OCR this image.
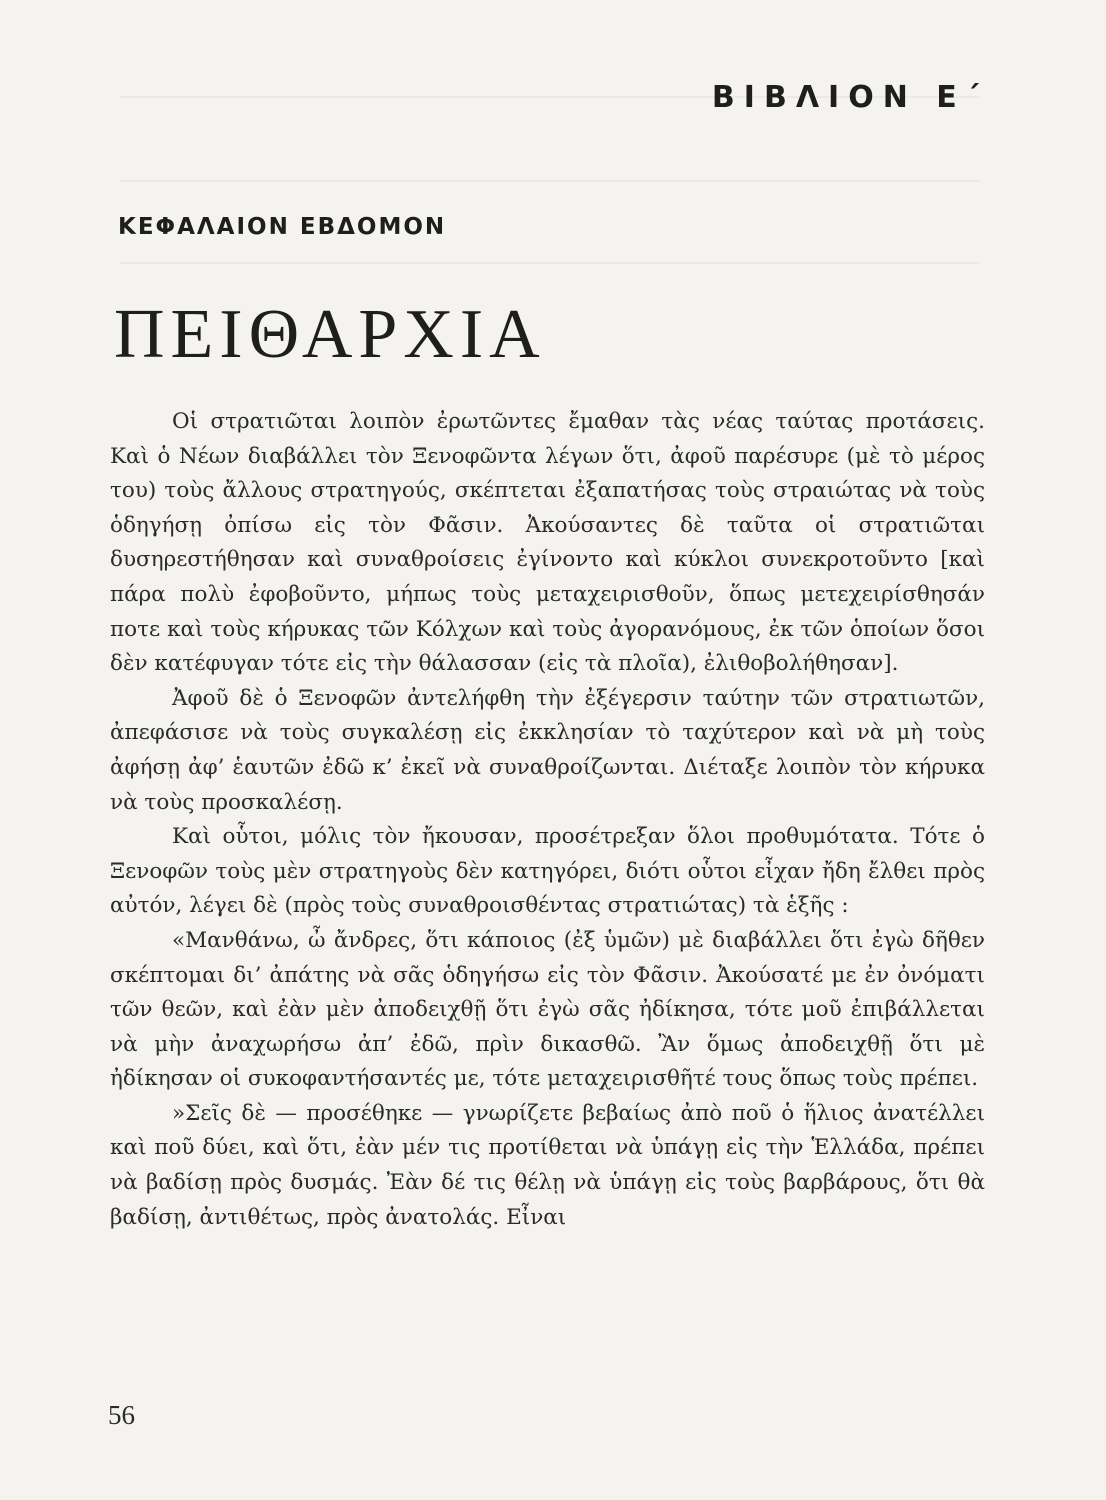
ΒΙΒΛΙΟΝ Ε΄
ΚΕΦΑΛΑΙΟΝ ΕΒΔΟΜΟΝ
ΠΕΙΘΑΡΧΙΑ

Οἱ στρατιῶται λοιπὸν ἐρωτῶντες ἔμαθαν τὰς νέας ταύτας προτάσεις. Καὶ ὁ Νέων διαβάλλει τὸν Ξενοφῶντα λέγων ὅτι, ἀφοῦ παρέσυρε (μὲ τὸ μέρος του) τοὺς ἄλλους στρατηγούς, σκέπτεται ἐξαπατήσας τοὺς στραιώτας νὰ τοὺς ὁδηγήσῃ ὀπίσω εἰς τὸν Φᾶσιν. Ἀκούσαντες δὲ ταῦτα οἱ στρατιῶται δυσηρεστήθησαν καὶ συναθροίσεις ἐγίνοντο καὶ κύκλοι συνεκροτοῦντο [καὶ πάρα πολὺ ἐφοβοῦντο, μήπως τοὺς μεταχειρισθοῦν, ὅπως μετεχειρίσθησάν ποτε καὶ τοὺς κήρυκας τῶν Κόλχων καὶ τοὺς ἀγορανόμους, ἐκ τῶν ὁποίων ὅσοι δὲν κατέφυγαν τότε εἰς τὴν θάλασσαν (εἰς τὰ πλοῖα), ἐλιθοβολήθησαν].

Ἀφοῦ δὲ ὁ Ξενοφῶν ἀντελήφθη τὴν ἐξέγερσιν ταύτην τῶν στρατιωτῶν, ἀπεφάσισε νὰ τοὺς συγκαλέσῃ εἰς ἐκκλησίαν τὸ ταχύτερον καὶ νὰ μὴ τοὺς ἀφήσῃ ἀφ’ ἑαυτῶν ἐδῶ κ’ ἐκεῖ νὰ συναθροίζωνται. Διέταξε λοιπὸν τὸν κήρυκα νὰ τοὺς προσκαλέσῃ.

Καὶ οὗτοι, μόλις τὸν ἤκουσαν, προσέτρεξαν ὅλοι προθυμότατα. Τότε ὁ Ξενοφῶν τοὺς μὲν στρατηγοὺς δὲν κατηγόρει, διότι οὗτοι εἶχαν ἤδη ἔλθει πρὸς αὐτόν, λέγει δὲ (πρὸς τοὺς συναθροισθέντας στρατιώτας) τὰ ἑξῆς :

«Μανθάνω, ὦ ἄνδρες, ὅτι κάποιος (ἐξ ὑμῶν) μὲ διαβάλλει ὅτι ἐγὼ δῆθεν σκέπτομαι δι’ ἀπάτης νὰ σᾶς ὁδηγήσω εἰς τὸν Φᾶσιν. Ἀκούσατέ με ἐν ὀνόματι τῶν θεῶν, καὶ ἐὰν μὲν ἀποδειχθῇ ὅτι ἐγὼ σᾶς ἠδίκησα, τότε μοῦ ἐπιβάλλεται νὰ μὴν ἀναχωρήσω ἀπ’ ἐδῶ, πρὶν δικασθῶ. Ἂν ὅμως ἀποδειχθῇ ὅτι μὲ ἠδίκησαν οἱ συκοφαντήσαντές με, τότε μεταχειρισθῆτέ τους ὅπως τοὺς πρέπει.

»Σεῖς δὲ — προσέθηκε — γνωρίζετε βεβαίως ἀπὸ ποῦ ὁ ἥλιος ἀνατέλλει καὶ ποῦ δύει, καὶ ὅτι, ἐὰν μέν τις προτίθεται νὰ ὑπάγῃ εἰς τὴν Ἑλλάδα, πρέπει νὰ βαδίσῃ πρὸς δυσμάς. Ἐὰν δέ τις θέλῃ νὰ ὑπάγῃ εἰς τοὺς βαρβάρους, ὅτι θὰ βαδίσῃ, ἀντιθέτως, πρὸς ἀνατολάς. Εἶναι

56
